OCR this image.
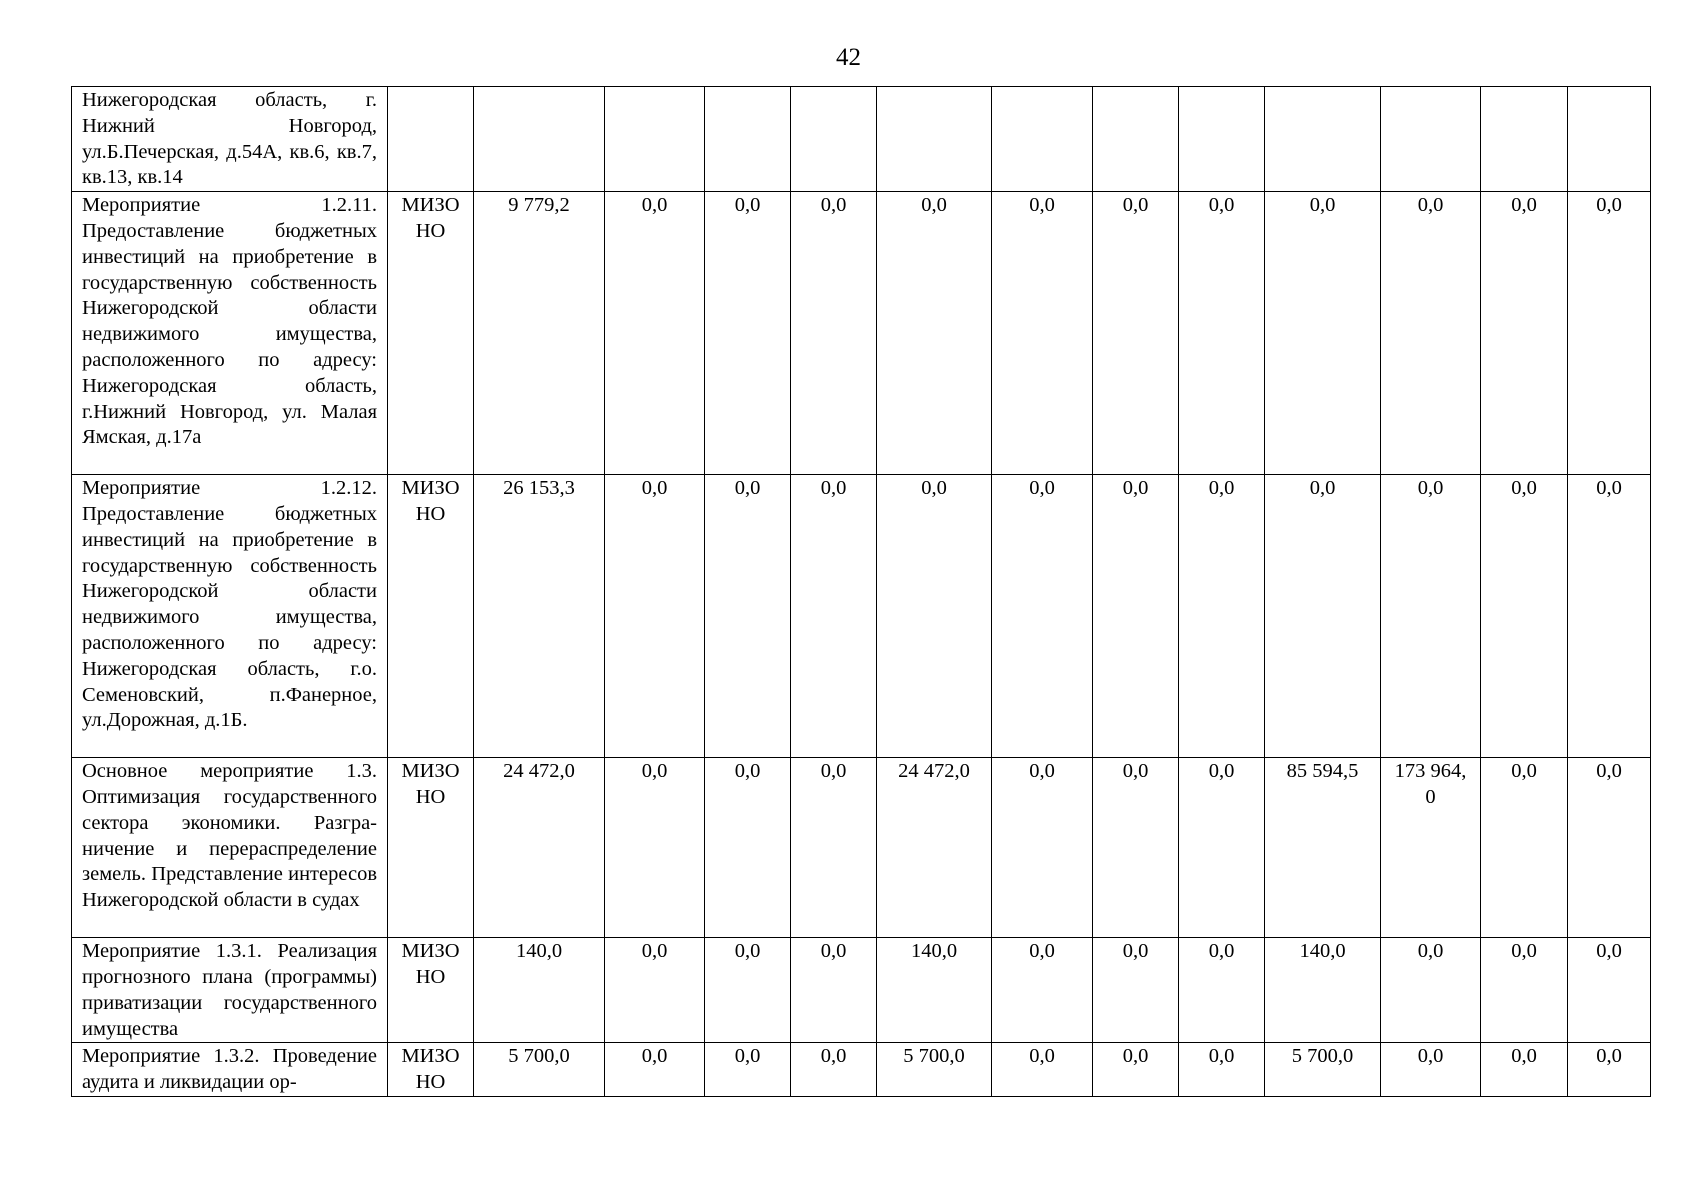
42
Нижегородская область, г. Нижний Новгород, ул.Б.Печерская, д.54А, кв.6, кв.7, кв.13, кв.14													
Мероприятие 1.2.11. Предоставление бюджетных инвестиций на приобретение в государственную собственность Нижегородской области недвижимого имущества, расположенного по адресу: Нижегородская область, г.Нижний Новгород, ул. Малая Ямская, д.17а	МИЗО НО	9 779,2	0,0	0,0	0,0	0,0	0,0	0,0	0,0	0,0	0,0	0,0	0,0
Мероприятие 1.2.12. Предоставление бюджетных инвестиций на приобретение в государственную собственность Нижегородской области недвижимого имущества, расположенного по адресу: Нижегородская область, г.о. Семеновский, п.Фанерное, ул.Дорожная, д.1Б.	МИЗО НО	26 153,3	0,0	0,0	0,0	0,0	0,0	0,0	0,0	0,0	0,0	0,0	0,0
Основное мероприятие 1.3. Оптимизация государственного сектора экономики. Разграничение и перераспределение земель. Представление интересов Нижегородской области в судах	МИЗО НО	24 472,0	0,0	0,0	0,0	24 472,0	0,0	0,0	0,0	85 594,5	173 964, 0	0,0	0,0
Мероприятие 1.3.1. Реализация прогнозного плана (программы) приватизации государственного имущества	МИЗО НО	140,0	0,0	0,0	0,0	140,0	0,0	0,0	0,0	140,0	0,0	0,0	0,0
Мероприятие 1.3.2. Проведение аудита и ликвидации ор-	МИЗО НО	5 700,0	0,0	0,0	0,0	5 700,0	0,0	0,0	0,0	5 700,0	0,0	0,0	0,0
